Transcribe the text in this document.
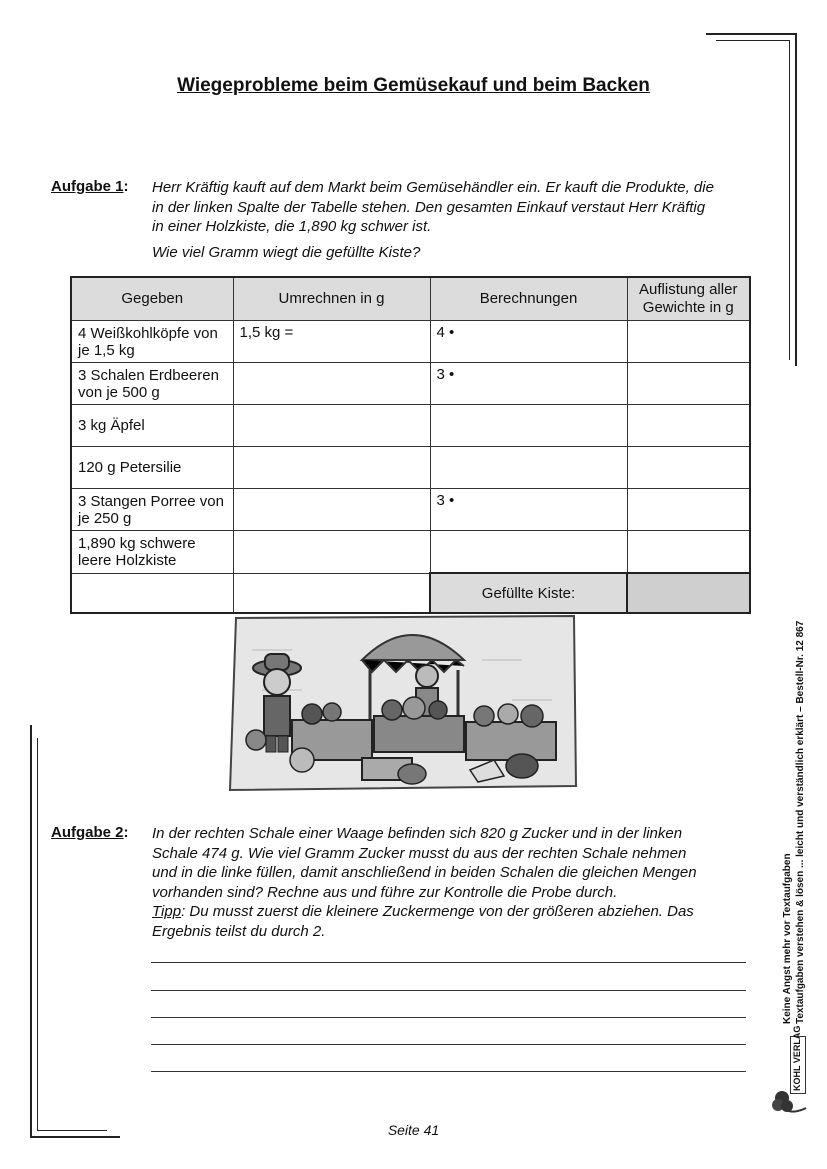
Wiegeprobleme beim Gemüsekauf und beim Backen
Aufgabe 1: Herr Kräftig kauft auf dem Markt beim Gemüsehändler ein. Er kauft die Produkte, die

in der linken Spalte der Tabelle stehen. Den gesamten Einkauf verstaut Herr Kräftig

in einer Holzkiste, die 1,890 kg schwer ist.

Wie viel Gramm wiegt die gefüllte Kiste?

Gegeben	Umrechnen in g	Berechnungen	Auflistung aller Gewichte in g
4 Weißkohlköpfe von je 1,5 kg	1,5 kg =	4 •	
3 Schalen Erdbeeren von je 500 g		3 •	
3 kg Äpfel			
120 g Petersilie			
3 Stangen Porree von je 250 g		3 •	
1,890 kg schwere leere Holzkiste			
		Gefüllte Kiste:	
Aufgabe 2: In der rechten Schale einer Waage befinden sich 820 g Zucker und in der linken

Schale 474 g. Wie viel Gramm Zucker musst du aus der rechten Schale nehmen

und in die linke füllen, damit anschließend in beiden Schalen die gleichen Mengen

vorhanden sind? Rechne aus und führe zur Kontrolle die Probe durch.

Tipp: Du musst zuerst die kleinere Zuckermenge von der größeren abziehen. Das

Ergebnis teilst du durch 2.	Keine Angst mehr vor Textaufgaben Textaufgaben verstehen & lösen ... leicht und verständlich erklärt – Bestell-Nr. 12 867
KOHL VERLAG
Seite 41
